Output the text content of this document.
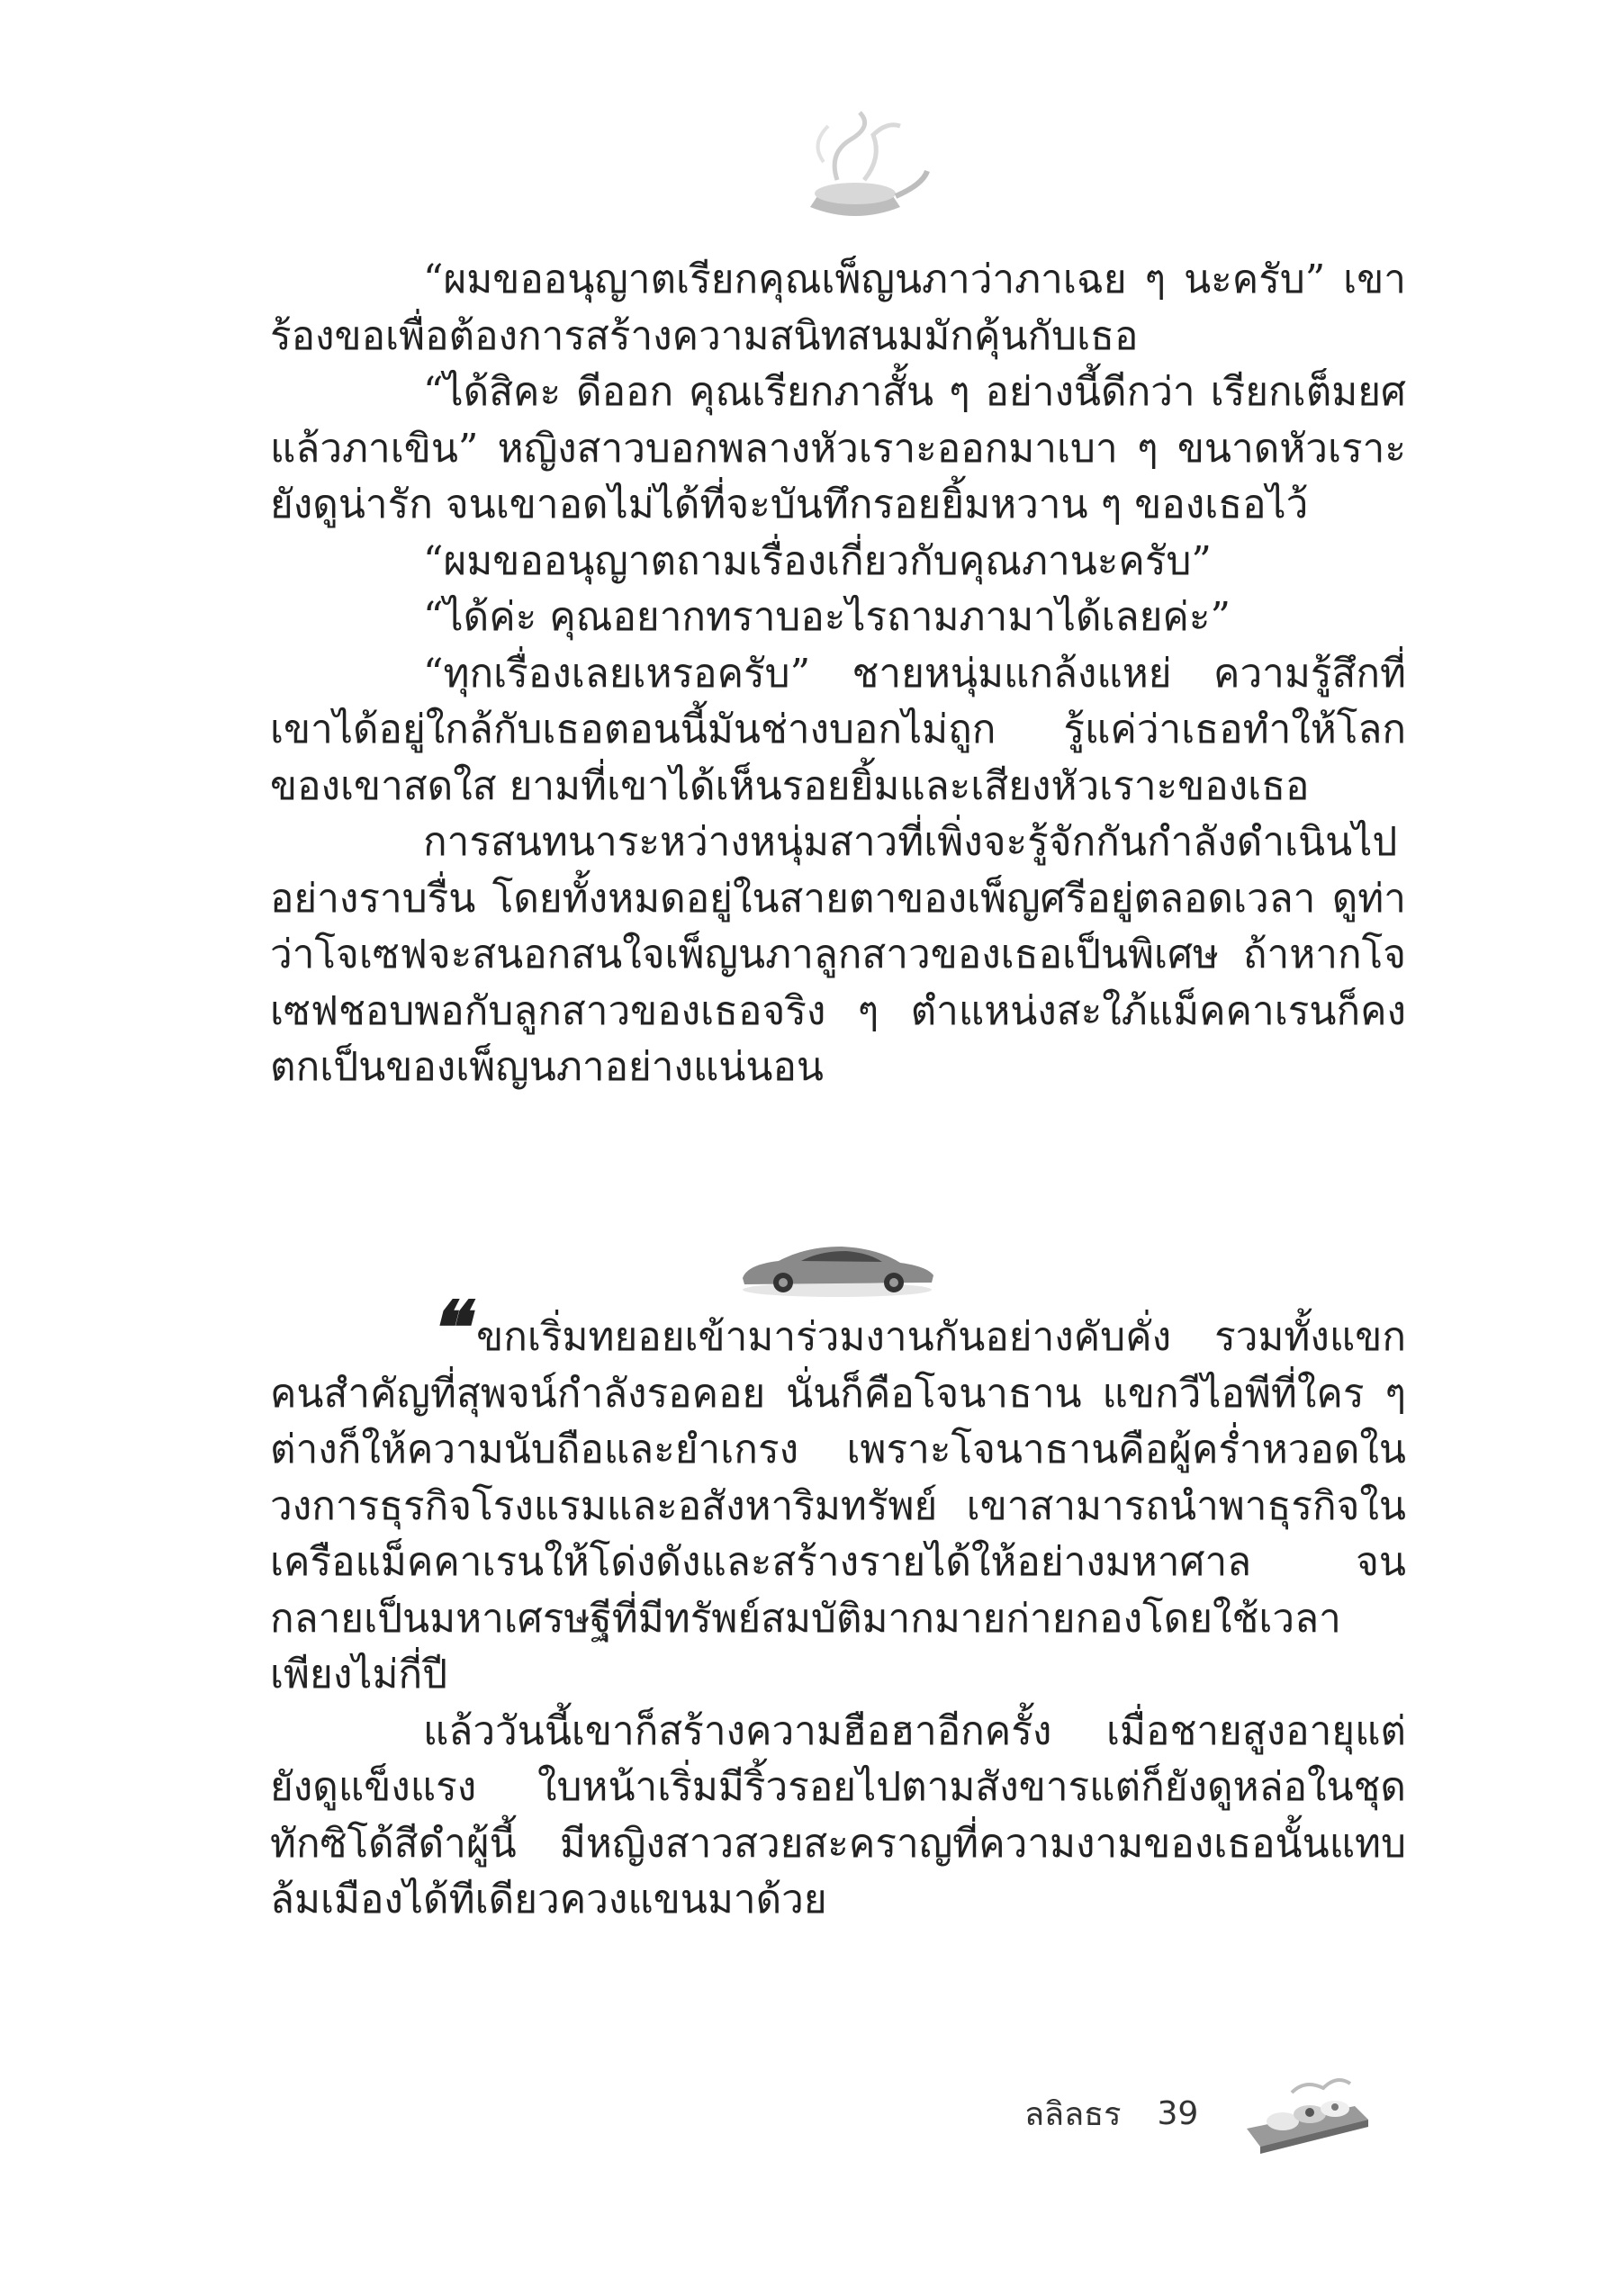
“ผมขออนุญาตเรียกคุณเพ็ญนภาว่าภาเฉย ๆ นะครับ” เขาร้องขอเพื่อต้องการสร้างความสนิทสนมมักคุ้นกับเธอ

“ได้สิคะ ดีออก คุณเรียกภาสั้น ๆ อย่างนี้ดีกว่า เรียกเต็มยศแล้วภาเขิน” หญิงสาวบอกพลางหัวเราะออกมาเบา ๆ ขนาดหัวเราะยังดูน่ารัก จนเขาอดไม่ได้ที่จะบันทึกรอยยิ้มหวาน ๆ ของเธอไว้

“ผมขออนุญาตถามเรื่องเกี่ยวกับคุณภานะครับ”

“ได้ค่ะ คุณอยากทราบอะไรถามภามาได้เลยค่ะ”

“ทุกเรื่องเลยเหรอครับ” ชายหนุ่มแกล้งแหย่ ความรู้สึกที่เขาได้อยู่ใกล้กับเธอตอนนี้มันช่างบอกไม่ถูก รู้แค่ว่าเธอทำให้โลกของเขาสดใส ยามที่เขาได้เห็นรอยยิ้มและเสียงหัวเราะของเธอ

การสนทนาระหว่างหนุ่มสาวที่เพิ่งจะรู้จักกันกำลังดำเนินไปอย่างราบรื่น โดยทั้งหมดอยู่ในสายตาของเพ็ญศรีอยู่ตลอดเวลา ดูท่าว่าโจเซฟจะสนอกสนใจเพ็ญนภาลูกสาวของเธอเป็นพิเศษ ถ้าหากโจเซฟชอบพอกับลูกสาวของเธอจริง ๆ ตำแหน่งสะใภ้แม็คคาเรนก็คงตกเป็นของเพ็ญนภาอย่างแน่นอน

❝ ขกเริ่มทยอยเข้ามาร่วมงานกันอย่างคับคั่ง รวมทั้งแขกคนสำคัญที่สุพจน์กำลังรอคอย นั่นก็คือโจนาธาน แขกวีไอพีที่ใคร ๆ ต่างก็ให้ความนับถือและยำเกรง เพราะโจนาธานคือผู้คร่ำหวอดในวงการธุรกิจโรงแรมและอสังหาริมทรัพย์ เขาสามารถนำพาธุรกิจในเครือแม็คคาเรนให้โด่งดังและสร้างรายได้ให้อย่างมหาศาล จนกลายเป็นมหาเศรษฐีที่มีทรัพย์สมบัติมากมายก่ายกองโดยใช้เวลาเพียงไม่กี่ปี

แล้ววันนี้เขาก็สร้างความฮือฮาอีกครั้ง เมื่อชายสูงอายุแต่ยังดูแข็งแรง ใบหน้าเริ่มมีริ้วรอยไปตามสังขารแต่ก็ยังดูหล่อในชุดทักซิโด้สีดำผู้นี้ มีหญิงสาวสวยสะคราญที่ความงามของเธอนั้นแทบล้มเมืองได้ทีเดียวควงแขนมาด้วย

ลลิลธร 39
